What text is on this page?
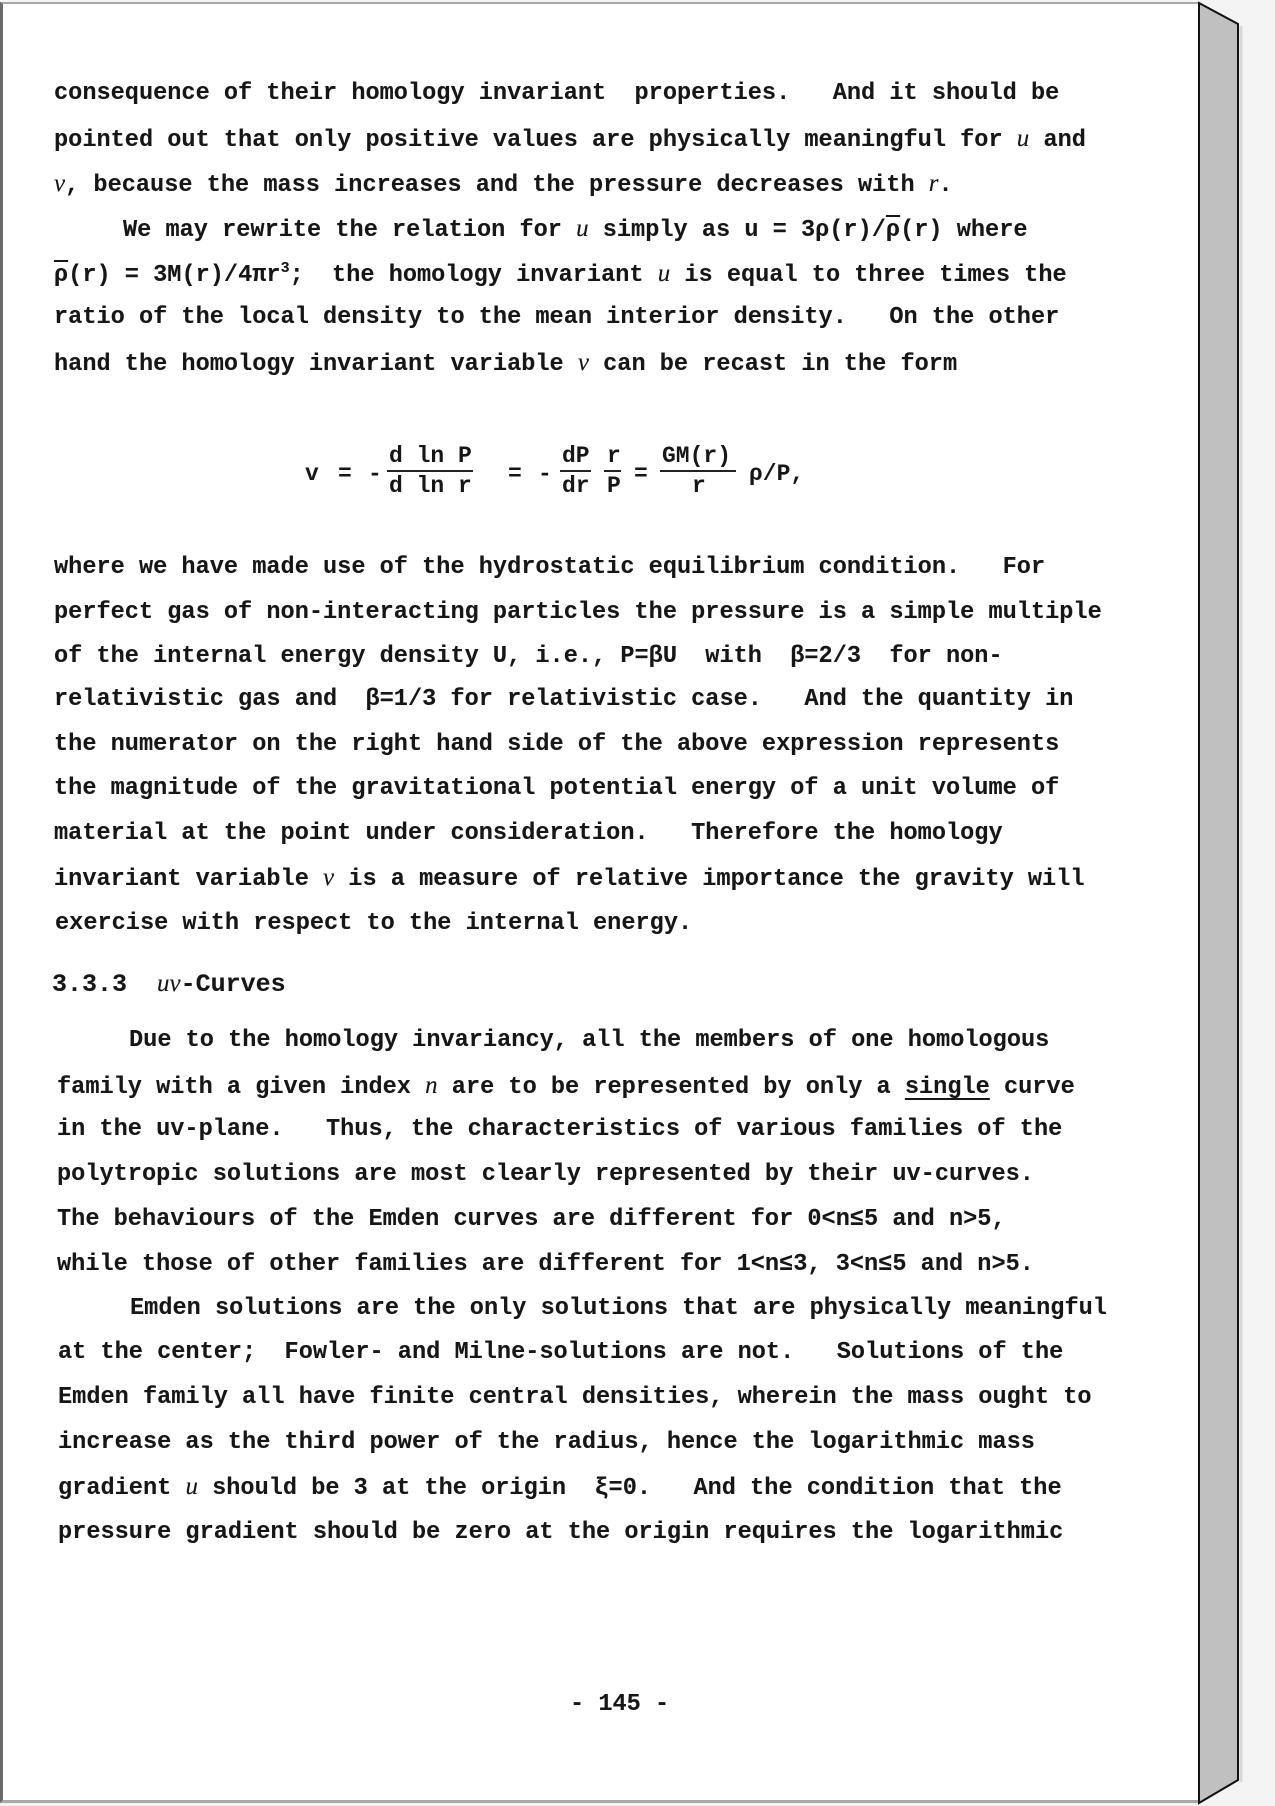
consequence of their homology invariant  properties.   And it should be
pointed out that only positive values are physically meaningful for u and
v, because the mass increases and the pressure decreases with r.
We may rewrite the relation for u simply as $u = 3\rho(r)/\overline{\rho}(r)$ where
$\overline{\rho}(r) = 3M(r)/4\pi r^3$;  the homology invariant u is equal to three times the
ratio of the local density to the mean interior density.   On the other
hand the homology invariant variable v can be recast in the form
where we have made use of the hydrostatic equilibrium condition.   For
perfect gas of non-interacting particles the pressure is a simple multiple
of the internal energy density U, i.e., P=βU  with  β=2/3  for non-
relativistic gas and  β=1/3 for relativistic case.   And the quantity in
the numerator on the right hand side of the above expression represents
the magnitude of the gravitational potential energy of a unit volume of
material at the point under consideration.   Therefore the homology
invariant variable v is a measure of relative importance the gravity will
exercise with respect to the internal energy.
3.3.3  uv-Curves
Due to the homology invariancy, all the members of one homologous
family with a given index n are to be represented by only a single curve
in the uv-plane.   Thus, the characteristics of various families of the
polytropic solutions are most clearly represented by their uv-curves.
The behaviours of the Emden curves are different for 0<n≤5 and n>5,
while those of other families are different for 1<n≤3, 3<n≤5 and n>5.
Emden solutions are the only solutions that are physically meaningful
at the center;  Fowler- and Milne-solutions are not.   Solutions of the
Emden family all have finite central densities, wherein the mass ought to
increase as the third power of the radius, hence the logarithmic mass
gradient u should be 3 at the origin  ξ=0.   And the condition that the
pressure gradient should be zero at the origin requires the logarithmic
v = -
d ln P
d ln r = -
dP
dr
r
P =
GM(r)
r ρ/P,
- 145 -
